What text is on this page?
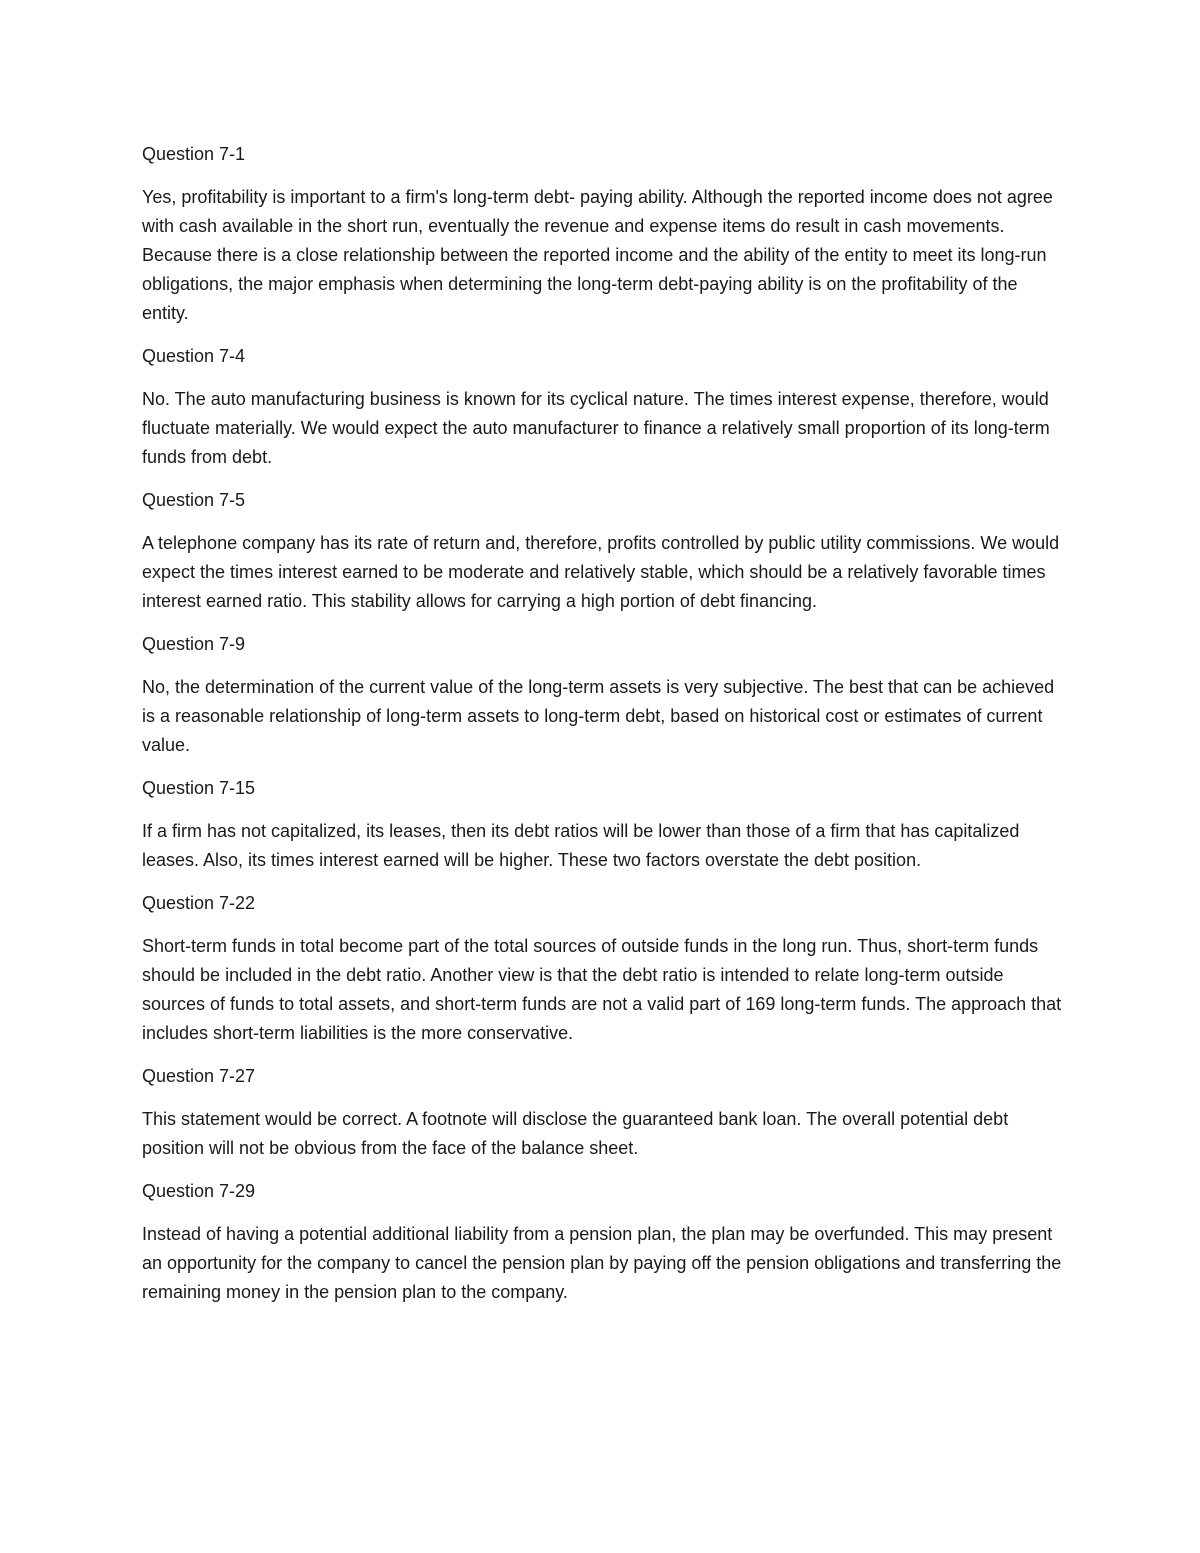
Question 7-1

Yes, profitability is important to a firm's long-term debt- paying ability. Although the reported income does not agree with cash available in the short run, eventually the revenue and expense items do result in cash movements. Because there is a close relationship between the reported income and the ability of the entity to meet its long-run obligations, the major emphasis when determining the long-term debt-paying ability is on the profitability of the entity.

Question 7-4

No. The auto manufacturing business is known for its cyclical nature. The times interest expense, therefore, would fluctuate materially. We would expect the auto manufacturer to finance a relatively small proportion of its long-term funds from debt.

Question 7-5

A telephone company has its rate of return and, therefore, profits controlled by public utility commissions. We would expect the times interest earned to be moderate and relatively stable, which should be a relatively favorable times interest earned ratio. This stability allows for carrying a high portion of debt financing.

Question 7-9

No, the determination of the current value of the long-term assets is very subjective. The best that can be achieved is a reasonable relationship of long-term assets to long-term debt, based on historical cost or estimates of current value.

Question 7-15

If a firm has not capitalized, its leases, then its debt ratios will be lower than those of a firm that has capitalized leases. Also, its times interest earned will be higher. These two factors overstate the debt position.

Question 7-22

Short-term funds in total become part of the total sources of outside funds in the long run. Thus, short-term funds should be included in the debt ratio. Another view is that the debt ratio is intended to relate long-term outside sources of funds to total assets, and short-term funds are not a valid part of 169 long-term funds. The approach that includes short-term liabilities is the more conservative.

Question 7-27

This statement would be correct. A footnote will disclose the guaranteed bank loan. The overall potential debt position will not be obvious from the face of the balance sheet.

Question 7-29

Instead of having a potential additional liability from a pension plan, the plan may be overfunded. This may present an opportunity for the company to cancel the pension plan by paying off the pension obligations and transferring the remaining money in the pension plan to the company.
